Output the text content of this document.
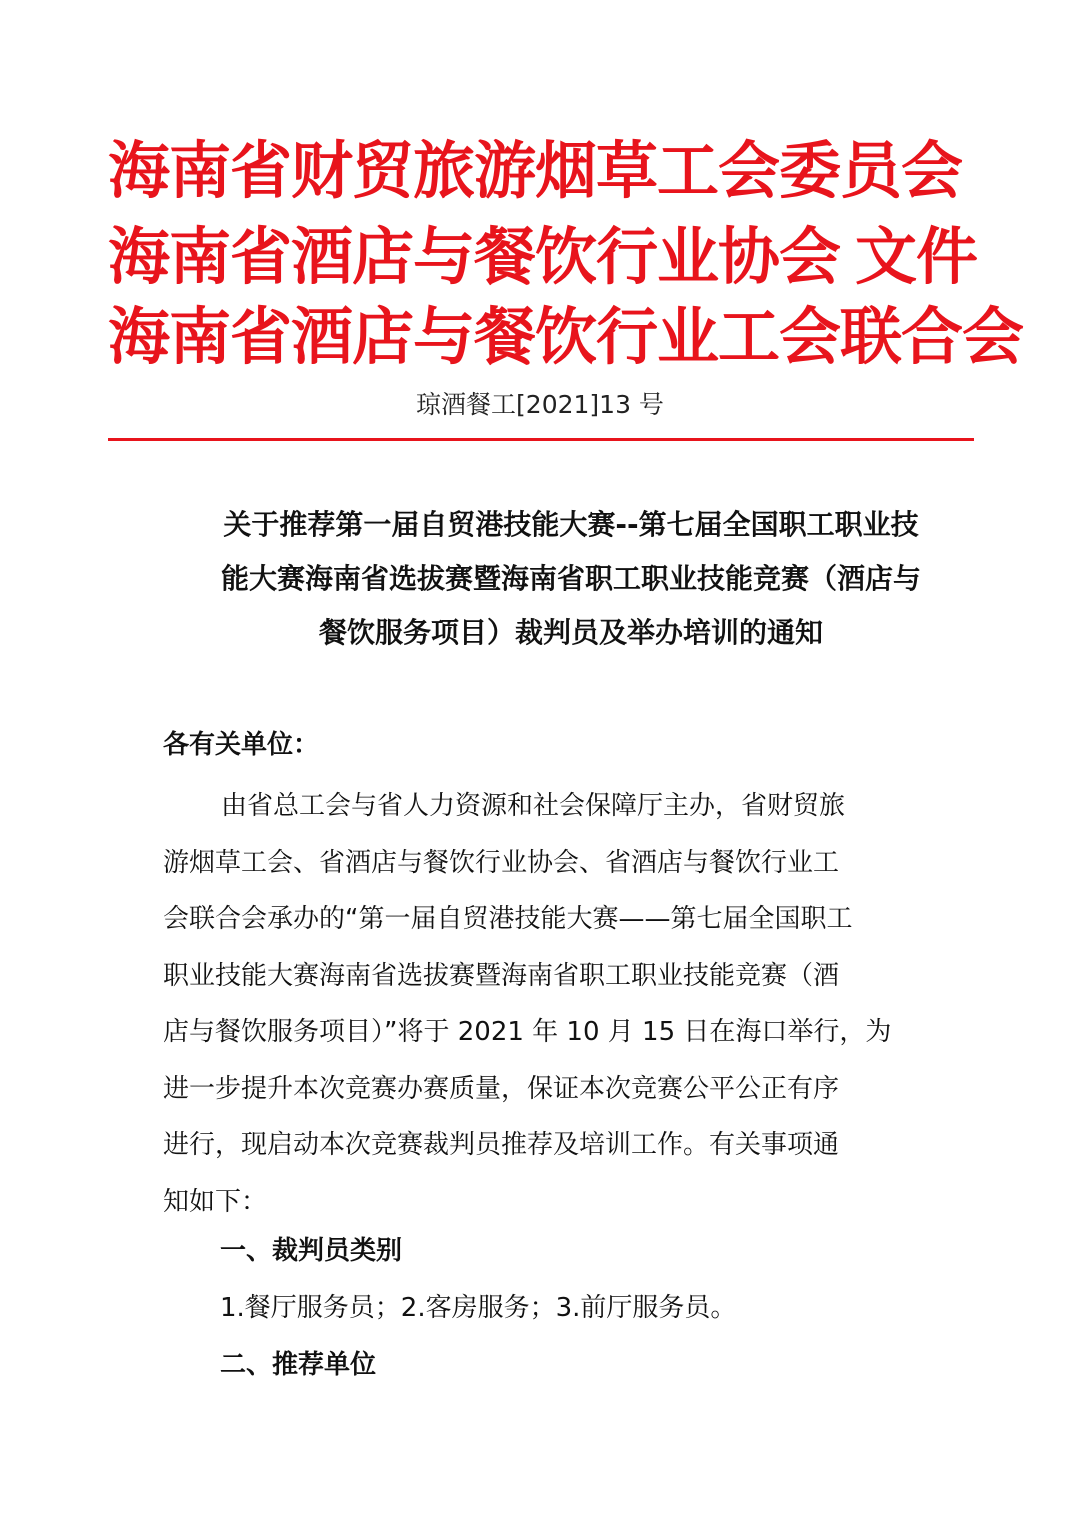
海南省财贸旅游烟草工会委员会
海南省酒店与餐饮行业协会 文件
海南省酒店与餐饮行业工会联合会
琼酒餐工[2021]13 号
关于推荐第一届自贸港技能大赛--第七届全国职工职业技
能大赛海南省选拔赛暨海南省职工职业技能竞赛（酒店与
餐饮服务项目）裁判员及举办培训的通知
各有关单位：
由省总工会与省人力资源和社会保障厅主办，省财贸旅
游烟草工会、省酒店与餐饮行业协会、省酒店与餐饮行业工
会联合会承办的“第一届自贸港技能大赛——第七届全国职工
职业技能大赛海南省选拔赛暨海南省职工职业技能竞赛（酒
店与餐饮服务项目）”将于 2021 年 10 月 15 日在海口举行，为
进一步提升本次竞赛办赛质量，保证本次竞赛公平公正有序
进行，现启动本次竞赛裁判员推荐及培训工作。有关事项通
知如下：
一、裁判员类别
1.餐厅服务员；2.客房服务；3.前厅服务员。
二、推荐单位
